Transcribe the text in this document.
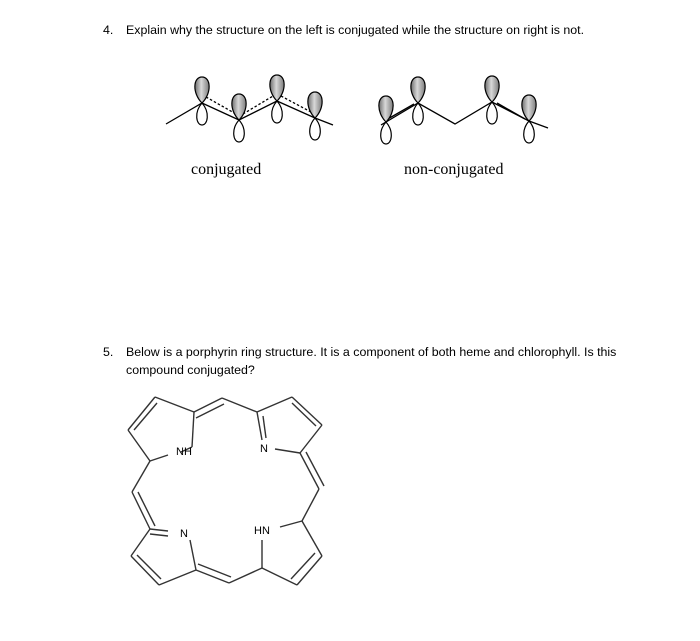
4. Explain why the structure on the left is conjugated while the structure on right is not.
conjugated	non-conjugated
5. Below is a porphyrin ring structure. It is a component of both heme and chlorophyll. Is this compound conjugated?
NH	N
N	HN
